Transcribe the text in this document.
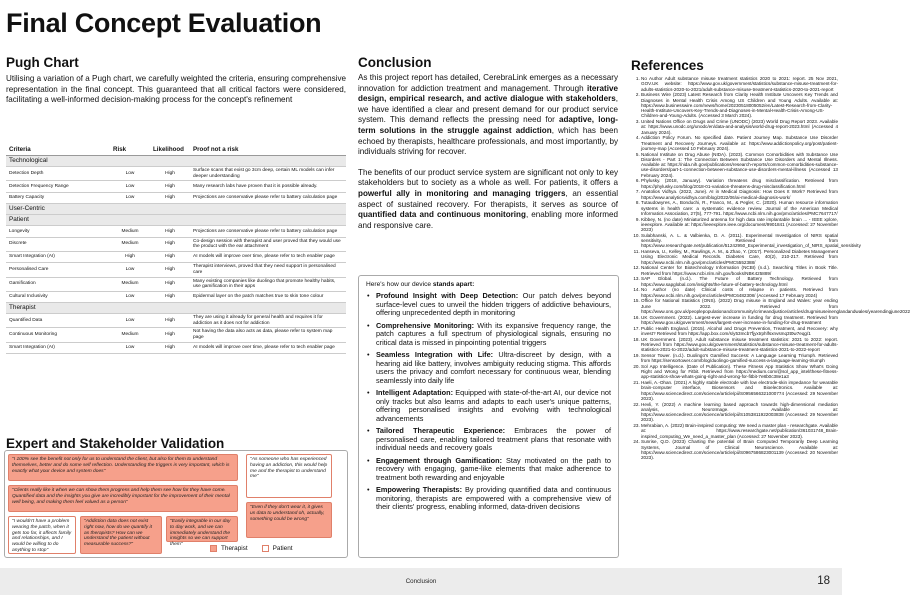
Final Concept Evaluation
Pugh Chart
Utilising a variation of a Pugh chart, we carefully weighted the criteria, ensuring comprehensive representation in the final concept. This guaranteed that all critical factors were considered, facilitating a well-informed decision-making process for the concept's refinement
Criteria	Risk	Likelihood	Proof not a risk
Technological			
Detection Depth	Low	High	Surface scans that exist go 3cm deep, certain ML models can infer deeper understanding
Detection Frequency Range	Low	High	Many research labs have proven that it is possible already.
Battery Capacity	Low	High	Projections are conservative please refer to battery calculation page
User-Centric			
Patient			
Longevity	Medium	High	Projections are conservative please refer to battery calculation page
Discrete	Medium	High	Co-design session with therapist and user proved that they would use the product with the ear attachment
Smart Integration (AI)	High	High	AI models will improve over time, please refer to tech enabler page
Personalised Care	Low	High	Therapist interviews, proved that they need support in personalised care
Gamification	Medium	High	Many existing companies like duolingo that promote healthy habits, use gamification in their apps
Cultural Inclusivity	Low	High	Epidermal layer on the patch matches true to skin tone colour
Therapist			
Quantified Data	Low	High	They are using it already for general health and requires it for addiction as it does not for addiction
Continuous Monitoring	Medium	High	Not having the data also acts as data, please refer to system map page
Smart Integration (AI)	Low	High	AI models will improve over time, please refer to tech enabler page
Expert and Stakeholder Validation
"I 100% see the benefit not only for us to understand the client, but also for them to understand themselves, better and do some self reflection. Understanding the triggers is very important, which is exactly what your device and system does"
"As someone who has experienced having an addiction, this would help me and the therapist to understand me"
"Clients really like it when we can show them progress and help them see how far they have come. Quantified data and the insights you give are incredibly important for the improvement of their mental well being, and making them feel valued as a person"
"Even if they don't wear it, it gives us data to understand oh, actually, something could be wrong"
"I wouldn't have a problem wearing the patch, when it gets too far, it affects family and relationships, and I would be willing to do anything to stop"
"Addiction data does not exist right now, how do we quantify it as therapists? How can we understand the patient without measurable success?"
"Easily integrable in our day to day work, and we can immediately understand the insights so we can support them"
Therapist	Patient
Conclusion

As this project report has detailed, CerebraLink emerges as a necessary innovation for addiction treatment and management. Through iterative design, empirical research, and active dialogue with stakeholders, we have identified a clear and present demand for our product service system. This demand reflects the pressing need for adaptive, long-term solutions in the struggle against addiction, which has been echoed by therapists, healthcare professionals, and most importantly, by individuals striving for recover.

The benefits of our product service system are significant not only to key stakeholders but to society as a whole as well. For patients, it offers a powerful ally in monitoring and managing triggers, an essential aspect of sustained recovery. For therapists, it serves as source of quantified data and continuous monitoring, enabling more informed and responsive care.

Here's how our device stands apart:
• Profound Insight with Deep Detection: Our patch delves beyond surface-level cues to unveil the hidden triggers of addictive behaviours, offering unprecedented depth in monitoring
• Comprehensive Monitoring: With its expansive frequency range, the patch captures a full spectrum of physiological signals, ensuring no critical data is missed in pinpointing potential triggers
• Seamless Integration with Life: Ultra-discreet by design, with a hearing aid like battery, involves ambiguity reducing stigma. This affords users the privacy and comfort necessary for continuous wear, blending seamlessly into daily life
• Intelligent Adaptation: Equipped with state-of-the-art AI, our device not only tracks but also learns and adapts to each user's unique patterns, offering personalised insights and evolving with technological advancements
• Tailored Therapeutic Experience: Embraces the power of personalised care, enabling tailored treatment plans that resonate with individual needs and recovery goals
• Engagement through Gamification: Stay motivated on the path to recovery with engaging, game-like elements that make adherence to treatment both rewarding and enjoyable
• Empowering Therapists: By providing quantified data and continuous monitoring, therapists are empowered with a comprehensive view of their clients' progress, enabling informed, data-driven decisions
References
1. No Author Adult substance misuse treatment statistics 2020 to 2021: report. 25 Nov 2021, GOV.UK website: https://www.gov.uk/government/statistics/substance-misuse-treatment-for-adults-statistics-2020-to-2021/adult-substance-misuse-treatment-statistics-2020-to-2021-report
2. Business Wire (2023) Latest Research from Clarity Health Institute Uncovers Key Trends and Diagnoses in Mental Health Crisis Among US Children and Young Adults. Available at: https://www.businesswire.com/news/home/20230518005052/en/Latest-Research-from-Clarity-Health-Institute-Uncovers-Key-Trends-and-Diagnoses-in-Mental-Health-Crisis-Among-US-Children-and-Young-Adults. (Accessed 3 March 2024).
3. United Nations Office on Drugs and Crime (UNODC) (2023) World Drug Report 2023. Available at: https://www.unodc.org/unodc/en/data-and-analysis/world-drug-report-2023.html (Accessed 4 January 2024).
4. Addiction Policy Forum. No specified date. Patient Journey Map. Substance Use Disorder Treatment and Recovery Journeys. Available at: https://www.addictionpolicy.org/post/patient-journey-map (Accessed 10 February 2024).
5. National Institute on Drug Abuse (NIDA). (2023). Common Comorbidities with Substance Use Disorders - Part 1: The Connection Between Substance Use Disorders and Mental Illness. Available at: https://nida.nih.gov/publications/research-reports/common-comorbidities-substance-use-disorders/part-1-connection-between-substance-use-disorders-mental-illness (Accessed 13 February 2024).
6. Phylusky. (2018, January). Variation threatens drug misclassification. Retrieved from https://phylusky.com/blog/2018-01-variation-threatens-drug-misclassification.html
7. Anatolios Vidhya. (2022, June). AI in Medical Diagnosis: How Does It Work? Retrieved from https://www.analyticsvidhya.com/blog/2022/06/ai-medical-diagnosis-work/
8. Tutaudowyres, A., Bonduchi, R., Franco, M., & Pegler, C. (2020). Human resource information systems in health care: a systematic evidence review. Journal of the American Medical Informatics Association, 27(5), 777-791. https://www.ncbi.nlm.nih.gov/pmc/articles/PMC7647717/
9. Kibbey, N. (no date) Miniaturized antenna for high data rate implantable brain ... - IEEE xplore, ieeexplore. Available at: https://ieeexplore.ieee.org/document/9901841 (Accessed: 27 November 2023)
10. Sulabhanski, A. L. & Valbienka, D. A. (2011). Experimental Investigation of NIRS spatial sensitivity. Retrieved from https://www.researchgate.net/publication/51242950_Experimental_investigation_of_NIRS_spatial_sensitivity
11. Hanseva, U., Kelley, M., Rawlings, A. M., & Zhao, Y. (2017). Personalized Diabetes Management Using Electronic Medical Records. Diabetes Care, 40(2), 210-217. Retrieved from https://www.ncbi.nlm.nih.gov/pmc/articles/PMC5552388/
12. National Center for Biotechnology Information (NCBI) (n.d.). Searching Titles in Book Title. Retrieved from https://www.ncbi.nlm.nih.gov/books/NBK425889/
13. SAP Global. (n.d.). The Future of Battery Technology. Retrieved from https://www.sapglobal.com/insights/the-future-of-battery-technology.html
14. No Author (no date) Clinical costs of relapse in patients. Retrieved from https://www.ncbi.nlm.nih.gov/pmc/articles/PMC6482308/ (Accessed 17 February 2024)
15. Office for National Statistics (ONS). (2022) Drug misuse in England and Wales: year ending June 2022. Retrieved from https://www.ons.gov.uk/peoplepopulationandcommunity/crimeandjustice/articles/drugmisuseinenglandandwales/yearendingjune2022
16. UK Government. (2022). Largest-ever increase in funding for drug treatment. Retrieved from https://www.gov.uk/government/news/largest-ever-increase-in-funding-for-drug-treatment
17. Public Health England. (2015). Alcohol and Drugs Prevention, Treatment, and Recovery: why invest? Retrieved from https://app.box.com/s/y53mcb7fjyxtrphlfsxnvsmq3t0w7eqg/1
18. UK Government. (2023). Adult substance misuse treatment statistics: 2021 to 2022: report. Retrieved from https://www.gov.uk/government/statistics/substance-misuse-treatment-for-adults-statistics-2021-to-2022/adult-substance-misuse-treatment-statistics-2021-to-2022-report
19. Sensor Tower. (n.d.). Duolingo's Gamified Success: A Language Learning Triumph. Retrieved from https://sensortower.com/blog/duolingo-gamified-success-a-language-learning-triumph
20. Sol App Intelligence. (Date of Publication). These Fitness App Statistics Show What's Going Right and Wrong for Fitbit. Retrieved from https://medium.com/@sol_app_intel/these-fitness-app-statistics-show-whats-going-right-and-wrong-for-fitbit-7e8b0c38e1a3
21. Haeli, A.-Ohan. (2021) A highly stable electrode with low electrode-skin impedance for wearable brain-computer interface, Biosensors and Bioelectronics. Available at: https://www.sciencedirect.com/science/article/pii/S0956566321000774 (Accessed: 29 November 2023).
22. Hevli, Y. (2022) A machine learning based approach towards high-dimensional mediation analysis, NeuroImage. Available at: https://www.sciencedirect.com/science/article/pii/S1053811922003838 (Accessed: 29 November 2023).
23. Mehrabian, A. (2022) Brain-inspired computing: We need a master plan - researchgate. Available at: https://www.researchgate.net/publication/361031748_Brain-inspired_computing_We_need_a_master_plan (Accessed: 27 November 2023).
24. Sunrise, Q.D. (2023) Charting the potential of Brain Computed Temporarily Deep Learning Systems, Journal of Clinical Neuroscience. Available at: https://www.sciencedirect.com/science/article/pii/S0967586823001139 (Accessed: 20 November 2023).
Conclusion	18
